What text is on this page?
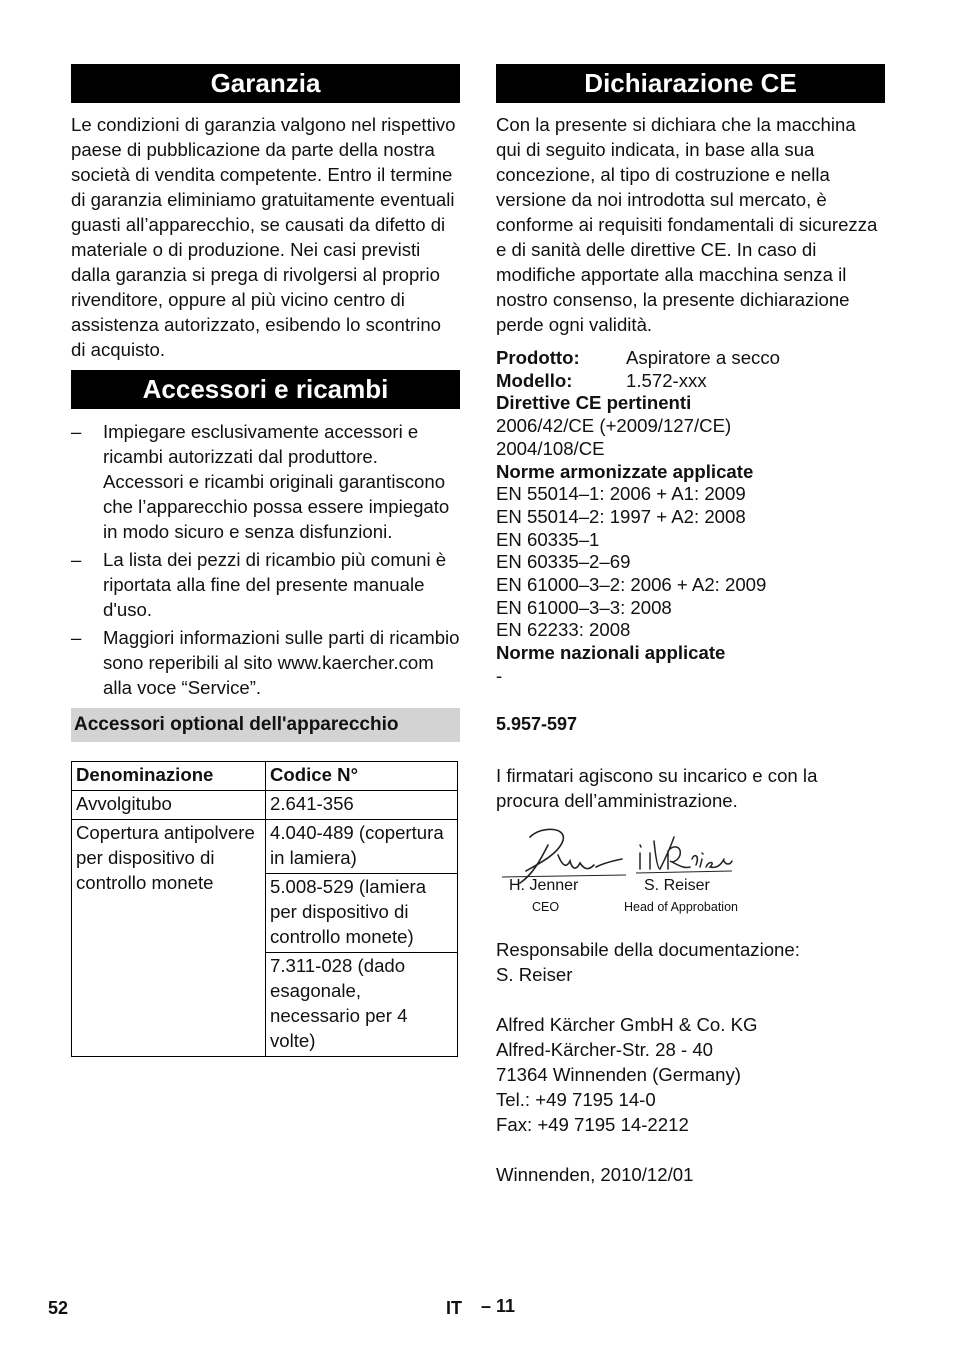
Garanzia

Le condizioni di garanzia valgono nel rispettivo paese di pubblicazione da parte della nostra società di vendita competente. Entro il termine di garanzia eliminiamo gratuitamente eventuali guasti all’apparecchio, se causati da difetto di materiale o di produzione. Nei casi previsti dalla garanzia si prega di rivolgersi al proprio rivenditore, oppure al più vicino centro di assistenza autorizzato, esibendo lo scontrino di acquisto.

Accessori e ricambi
– Impiegare esclusivamente accessori e ricambi autorizzati dal produttore. Accessori e ricambi originali garantiscono che l’apparecchio possa essere impiegato in modo sicuro e senza disfunzioni.
– La lista dei pezzi di ricambio più comuni è riportata alla fine del presente manuale d'uso.
– Maggiori informazioni sulle parti di ricambio sono reperibili al sito www.kaercher.com alla voce “Service”.
Accessori optional dell'apparecchio
Denominazione	Codice N°
Avvolgitubo	2.641-356
Copertura antipolvere per dispositivo di controllo monete	4.040-489 (copertura in lamiera)
	5.008-529 (lamiera per dispositivo di controllo monete)
	7.311-028 (dado esagonale, necessario per 4 volte)
Dichiarazione CE

Con la presente si dichiara che la macchina qui di seguito indicata, in base alla sua concezione, al tipo di costruzione e nella versione da noi introdotta sul mercato, è conforme ai requisiti fondamentali di sicurezza e di sanità delle direttive CE. In caso di modifiche apportate alla macchina senza il nostro consenso, la presente dichiarazione perde ogni validità.

Prodotto:	Aspiratore a secco
Modello:	1.572-xxx
Direttive CE pertinenti
2006/42/CE (+2009/127/CE)
2004/108/CE
Norme armonizzate applicate
EN 55014–1: 2006 + A1: 2009
EN 55014–2: 1997 + A2: 2008
EN 60335–1
EN 60335–2–69
EN 61000–3–2: 2006 + A2: 2009
EN 61000–3–3: 2008
EN 62233: 2008
Norme nazionali applicate
-
5.957-597

I firmatari agiscono su incarico e con la procura dell’amministrazione.

H. Jenner
CEO
S. Reiser
Head of Approbation
Responsabile della documentazione:
S. Reiser
Alfred Kärcher GmbH & Co. KG
Alfred-Kärcher-Str. 28 - 40
71364 Winnenden (Germany)
Tel.: +49 7195 14-0
Fax: +49 7195 14-2212
Winnenden, 2010/12/01
52	IT – 11
